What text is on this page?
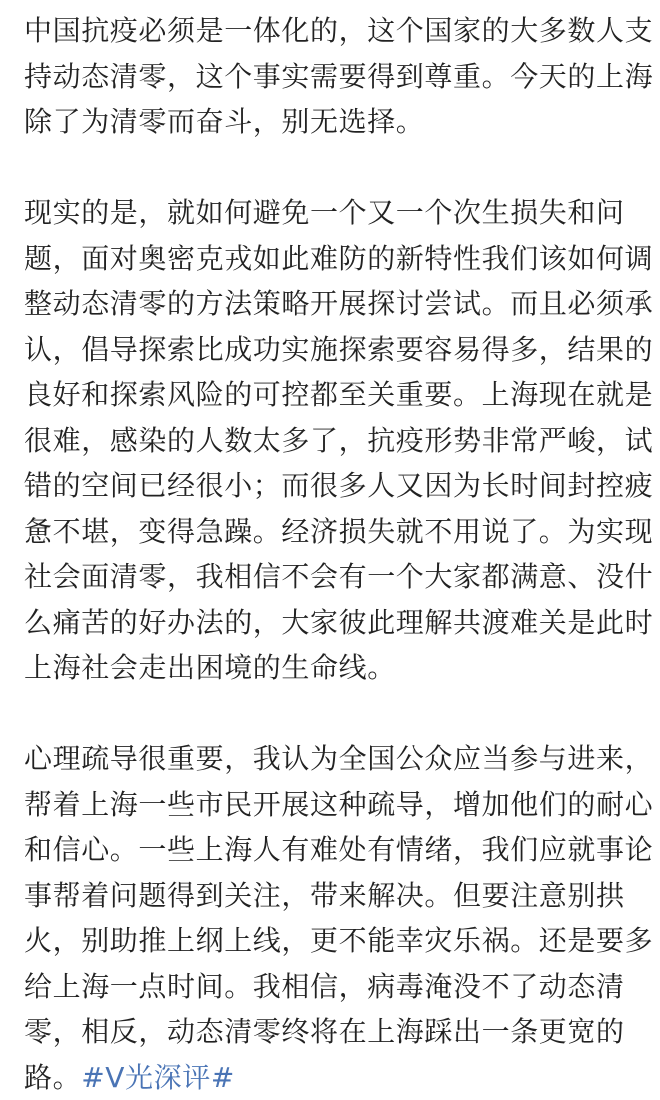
中国抗疫必须是一体化的，这个国家的大多数人支
持动态清零，这个事实需要得到尊重。今天的上海
除了为清零而奋斗，别无选择。
现实的是，就如何避免一个又一个次生损失和问
题，面对奥密克戎如此难防的新特性我们该如何调
整动态清零的方法策略开展探讨尝试。而且必须承
认，倡导探索比成功实施探索要容易得多，结果的
良好和探索风险的可控都至关重要。上海现在就是
很难，感染的人数太多了，抗疫形势非常严峻，试
错的空间已经很小；而很多人又因为长时间封控疲
惫不堪，变得急躁。经济损失就不用说了。为实现
社会面清零，我相信不会有一个大家都满意、没什
么痛苦的好办法的，大家彼此理解共渡难关是此时
上海社会走出困境的生命线。
心理疏导很重要，我认为全国公众应当参与进来，
帮着上海一些市民开展这种疏导，增加他们的耐心
和信心。一些上海人有难处有情绪，我们应就事论
事帮着问题得到关注，带来解决。但要注意别拱
火，别助推上纲上线，更不能幸灾乐祸。还是要多
给上海一点时间。我相信，病毒淹没不了动态清
零，相反，动态清零终将在上海踩出一条更宽的
路。#V光深评#
